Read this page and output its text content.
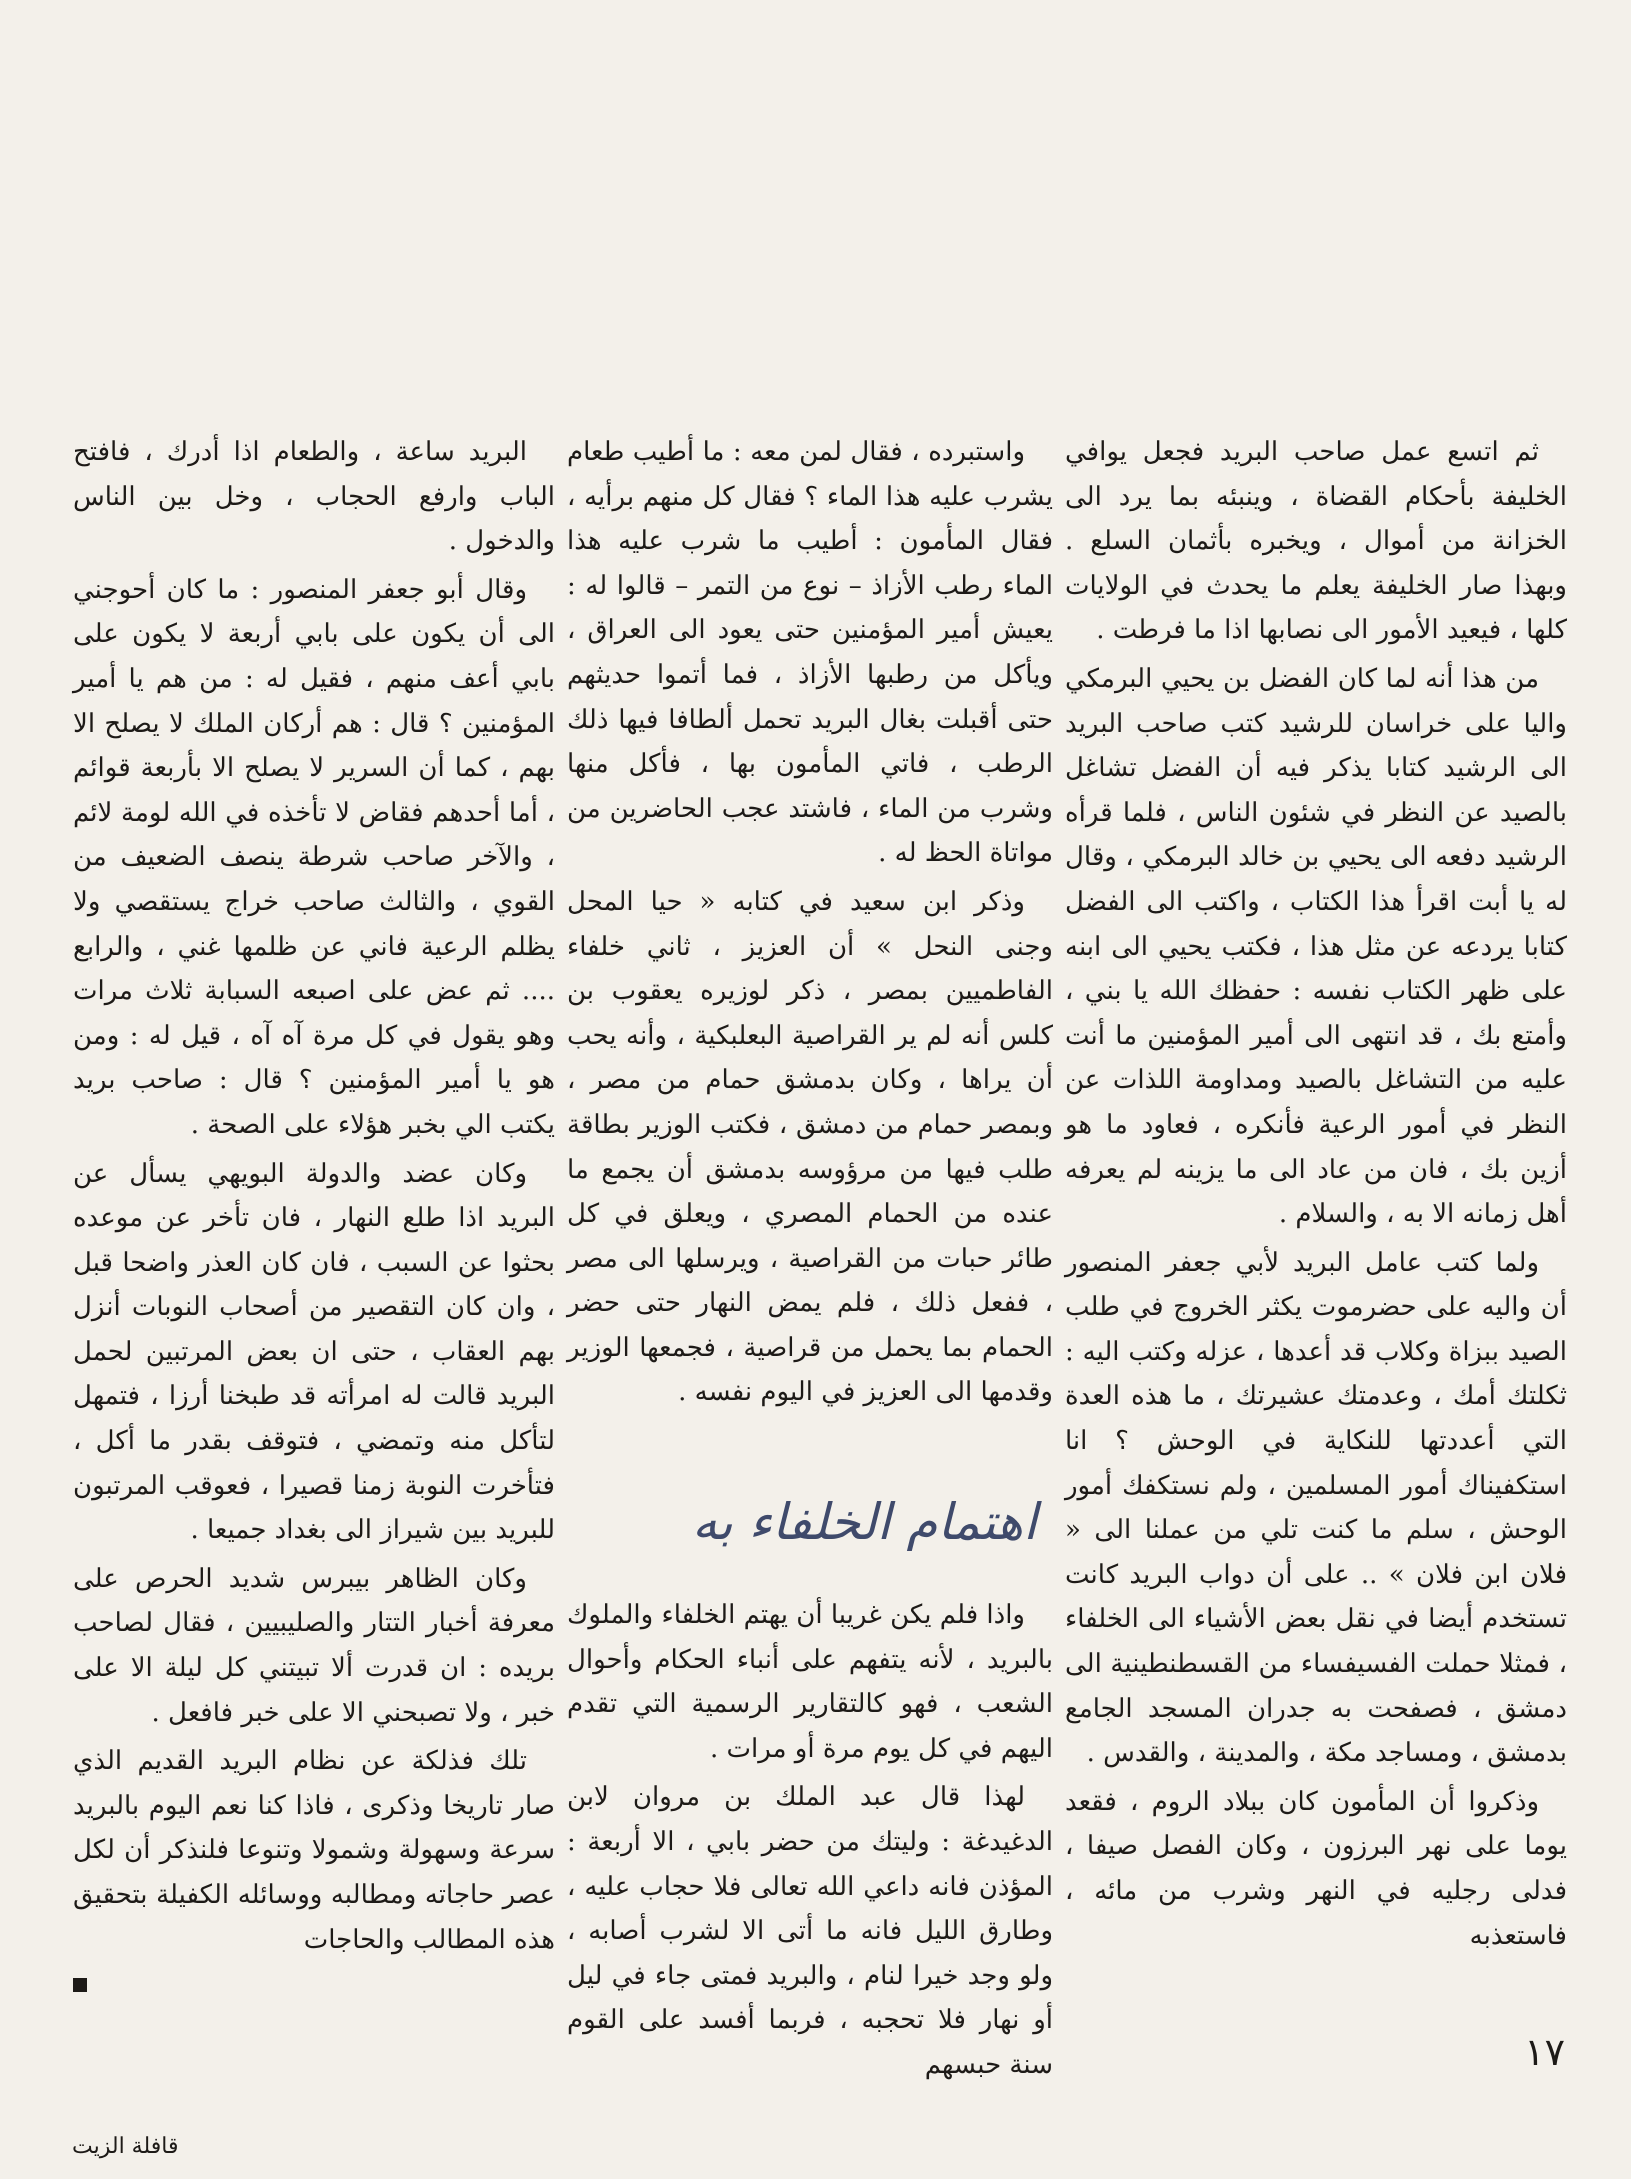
ثم اتسع عمل صاحب البريد فجعل يوافي الخليفة بأحكام القضاة ، وينبئه بما يرد الى الخزانة من أموال ، ويخبره بأثمان السلع . وبهذا صار الخليفة يعلم ما يحدث في الولايات كلها ، فيعيد الأمور الى نصابها اذا ما فرطت .

من هذا أنه لما كان الفضل بن يحيي البرمكي واليا على خراسان للرشيد كتب صاحب البريد الى الرشيد كتابا يذكر فيه أن الفضل تشاغل بالصيد عن النظر في شئون الناس ، فلما قرأه الرشيد دفعه الى يحيي بن خالد البرمكي ، وقال له يا أبت اقرأ هذا الكتاب ، واكتب الى الفضل كتابا يردعه عن مثل هذا ، فكتب يحيي الى ابنه على ظهر الكتاب نفسه : حفظك الله يا بني ، وأمتع بك ، قد انتهى الى أمير المؤمنين ما أنت عليه من التشاغل بالصيد ومداومة اللذات عن النظر في أمور الرعية فأنكره ، فعاود ما هو أزين بك ، فان من عاد الى ما يزينه لم يعرفه أهل زمانه الا به ، والسلام .

ولما كتب عامل البريد لأبي جعفر المنصور أن واليه على حضرموت يكثر الخروج في طلب الصيد ببزاة وكلاب قد أعدها ، عزله وكتب اليه : ثكلتك أمك ، وعدمتك عشيرتك ، ما هذه العدة التي أعددتها للنكاية في الوحش ؟ انا استكفيناك أمور المسلمين ، ولم نستكفك أمور الوحش ، سلم ما كنت تلي من عملنا الى « فلان ابن فلان » .. على أن دواب البريد كانت تستخدم أيضا في نقل بعض الأشياء الى الخلفاء ، فمثلا حملت الفسيفساء من القسطنطينية الى دمشق ، فصفحت به جدران المسجد الجامع بدمشق ، ومساجد مكة ، والمدينة ، والقدس .

وذكروا أن المأمون كان ببلاد الروم ، فقعد يوما على نهر البرزون ، وكان الفصل صيفا ، فدلى رجليه في النهر وشرب من مائه ، فاستعذبه

واستبرده ، فقال لمن معه : ما أطيب طعام يشرب عليه هذا الماء ؟ فقال كل منهم برأيه ، فقال المأمون : أطيب ما شرب عليه هذا الماء رطب الأزاذ – نوع من التمر – قالوا له : يعيش أمير المؤمنين حتى يعود الى العراق ، ويأكل من رطبها الأزاذ ، فما أتموا حديثهم حتى أقبلت بغال البريد تحمل ألطافا فيها ذلك الرطب ، فاتي المأمون بها ، فأكل منها وشرب من الماء ، فاشتد عجب الحاضرين من مواتاة الحظ له .

وذكر ابن سعيد في كتابه « حيا المحل وجنى النحل » أن العزيز ، ثاني خلفاء الفاطميين بمصر ، ذكر لوزيره يعقوب بن كلس أنه لم ير القراصية البعلبكية ، وأنه يحب أن يراها ، وكان بدمشق حمام من مصر ، وبمصر حمام من دمشق ، فكتب الوزير بطاقة طلب فيها من مرؤوسه بدمشق أن يجمع ما عنده من الحمام المصري ، ويعلق في كل طائر حبات من القراصية ، ويرسلها الى مصر ، ففعل ذلك ، فلم يمض النهار حتى حضر الحمام بما يحمل من قراصية ، فجمعها الوزير وقدمها الى العزيز في اليوم نفسه .

اهتمام الخلفاء به

واذا فلم يكن غريبا أن يهتم الخلفاء والملوك بالبريد ، لأنه يتفهم على أنباء الحكام وأحوال الشعب ، فهو كالتقارير الرسمية التي تقدم اليهم في كل يوم مرة أو مرات .

لهذا قال عبد الملك بن مروان لابن الدغيدغة : وليتك من حضر بابي ، الا أربعة : المؤذن فانه داعي الله تعالى فلا حجاب عليه ، وطارق الليل فانه ما أتى الا لشرب أصابه ، ولو وجد خيرا لنام ، والبريد فمتى جاء في ليل أو نهار فلا تحجبه ، فربما أفسد على القوم سنة حبسهم

البريد ساعة ، والطعام اذا أدرك ، فافتح الباب وارفع الحجاب ، وخل بين الناس والدخول .

وقال أبو جعفر المنصور : ما كان أحوجني الى أن يكون على بابي أربعة لا يكون على بابي أعف منهم ، فقيل له : من هم يا أمير المؤمنين ؟ قال : هم أركان الملك لا يصلح الا بهم ، كما أن السرير لا يصلح الا بأربعة قوائم ، أما أحدهم فقاض لا تأخذه في الله لومة لائم ، والآخر صاحب شرطة ينصف الضعيف من القوي ، والثالث صاحب خراج يستقصي ولا يظلم الرعية فاني عن ظلمها غني ، والرابع .... ثم عض على اصبعه السبابة ثلاث مرات وهو يقول في كل مرة آه آه ، قيل له : ومن هو يا أمير المؤمنين ؟ قال : صاحب بريد يكتب الي بخبر هؤلاء على الصحة .

وكان عضد والدولة البويهي يسأل عن البريد اذا طلع النهار ، فان تأخر عن موعده بحثوا عن السبب ، فان كان العذر واضحا قبل ، وان كان التقصير من أصحاب النوبات أنزل بهم العقاب ، حتى ان بعض المرتبين لحمل البريد قالت له امرأته قد طبخنا أرزا ، فتمهل لتأكل منه وتمضي ، فتوقف بقدر ما أكل ، فتأخرت النوبة زمنا قصيرا ، فعوقب المرتبون للبريد بين شيراز الى بغداد جميعا .

وكان الظاهر بيبرس شديد الحرص على معرفة أخبار التتار والصليبيين ، فقال لصاحب بريده : ان قدرت ألا تبيتني كل ليلة الا على خبر ، ولا تصبحني الا على خبر فافعل .

تلك فذلكة عن نظام البريد القديم الذي صار تاريخا وذكرى ، فاذا كنا نعم اليوم بالبريد سرعة وسهولة وشمولا وتنوعا فلنذكر أن لكل عصر حاجاته ومطالبه ووسائله الكفيلة بتحقيق هذه المطالب والحاجات

١٧
قافلة الزيت
